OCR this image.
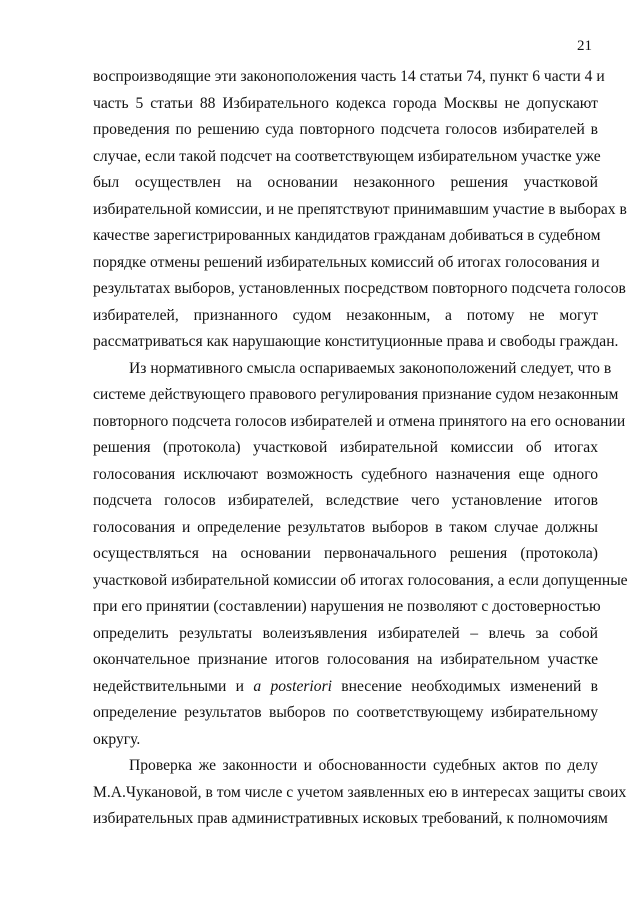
21

воспроизводящие эти законоположения часть 14 статьи 74, пункт 6 части 4 и
часть 5 статьи 88 Избирательного кодекса города Москвы не допускают
проведения по решению суда повторного подсчета голосов избирателей в
случае, если такой подсчет на соответствующем избирательном участке уже
был осуществлен на основании незаконного решения участковой
избирательной комиссии, и не препятствуют принимавшим участие в выборах в
качестве зарегистрированных кандидатов гражданам добиваться в судебном
порядке отмены решений избирательных комиссий об итогах голосования и
результатах выборов, установленных посредством повторного подсчета голосов
избирателей, признанного судом незаконным, а потому не могут
рассматриваться как нарушающие конституционные права и свободы граждан.

Из нормативного смысла оспариваемых законоположений следует, что в
системе действующего правового регулирования признание судом незаконным
повторного подсчета голосов избирателей и отмена принятого на его основании
решения (протокола) участковой избирательной комиссии об итогах
голосования исключают возможность судебного назначения еще одного
подсчета голосов избирателей, вследствие чего установление итогов
голосования и определение результатов выборов в таком случае должны
осуществляться на основании первоначального решения (протокола)
участковой избирательной комиссии об итогах голосования, а если допущенные
при его принятии (составлении) нарушения не позволяют с достоверностью
определить результаты волеизъявления избирателей – влечь за собой
окончательное признание итогов голосования на избирательном участке
недействительными и a posteriori внесение необходимых изменений в
определение результатов выборов по соответствующему избирательному
округу.

Проверка же законности и обоснованности судебных актов по делу
М.А.Чукановой, в том числе с учетом заявленных ею в интересах защиты своих
избирательных прав административных исковых требований, к полномочиям
